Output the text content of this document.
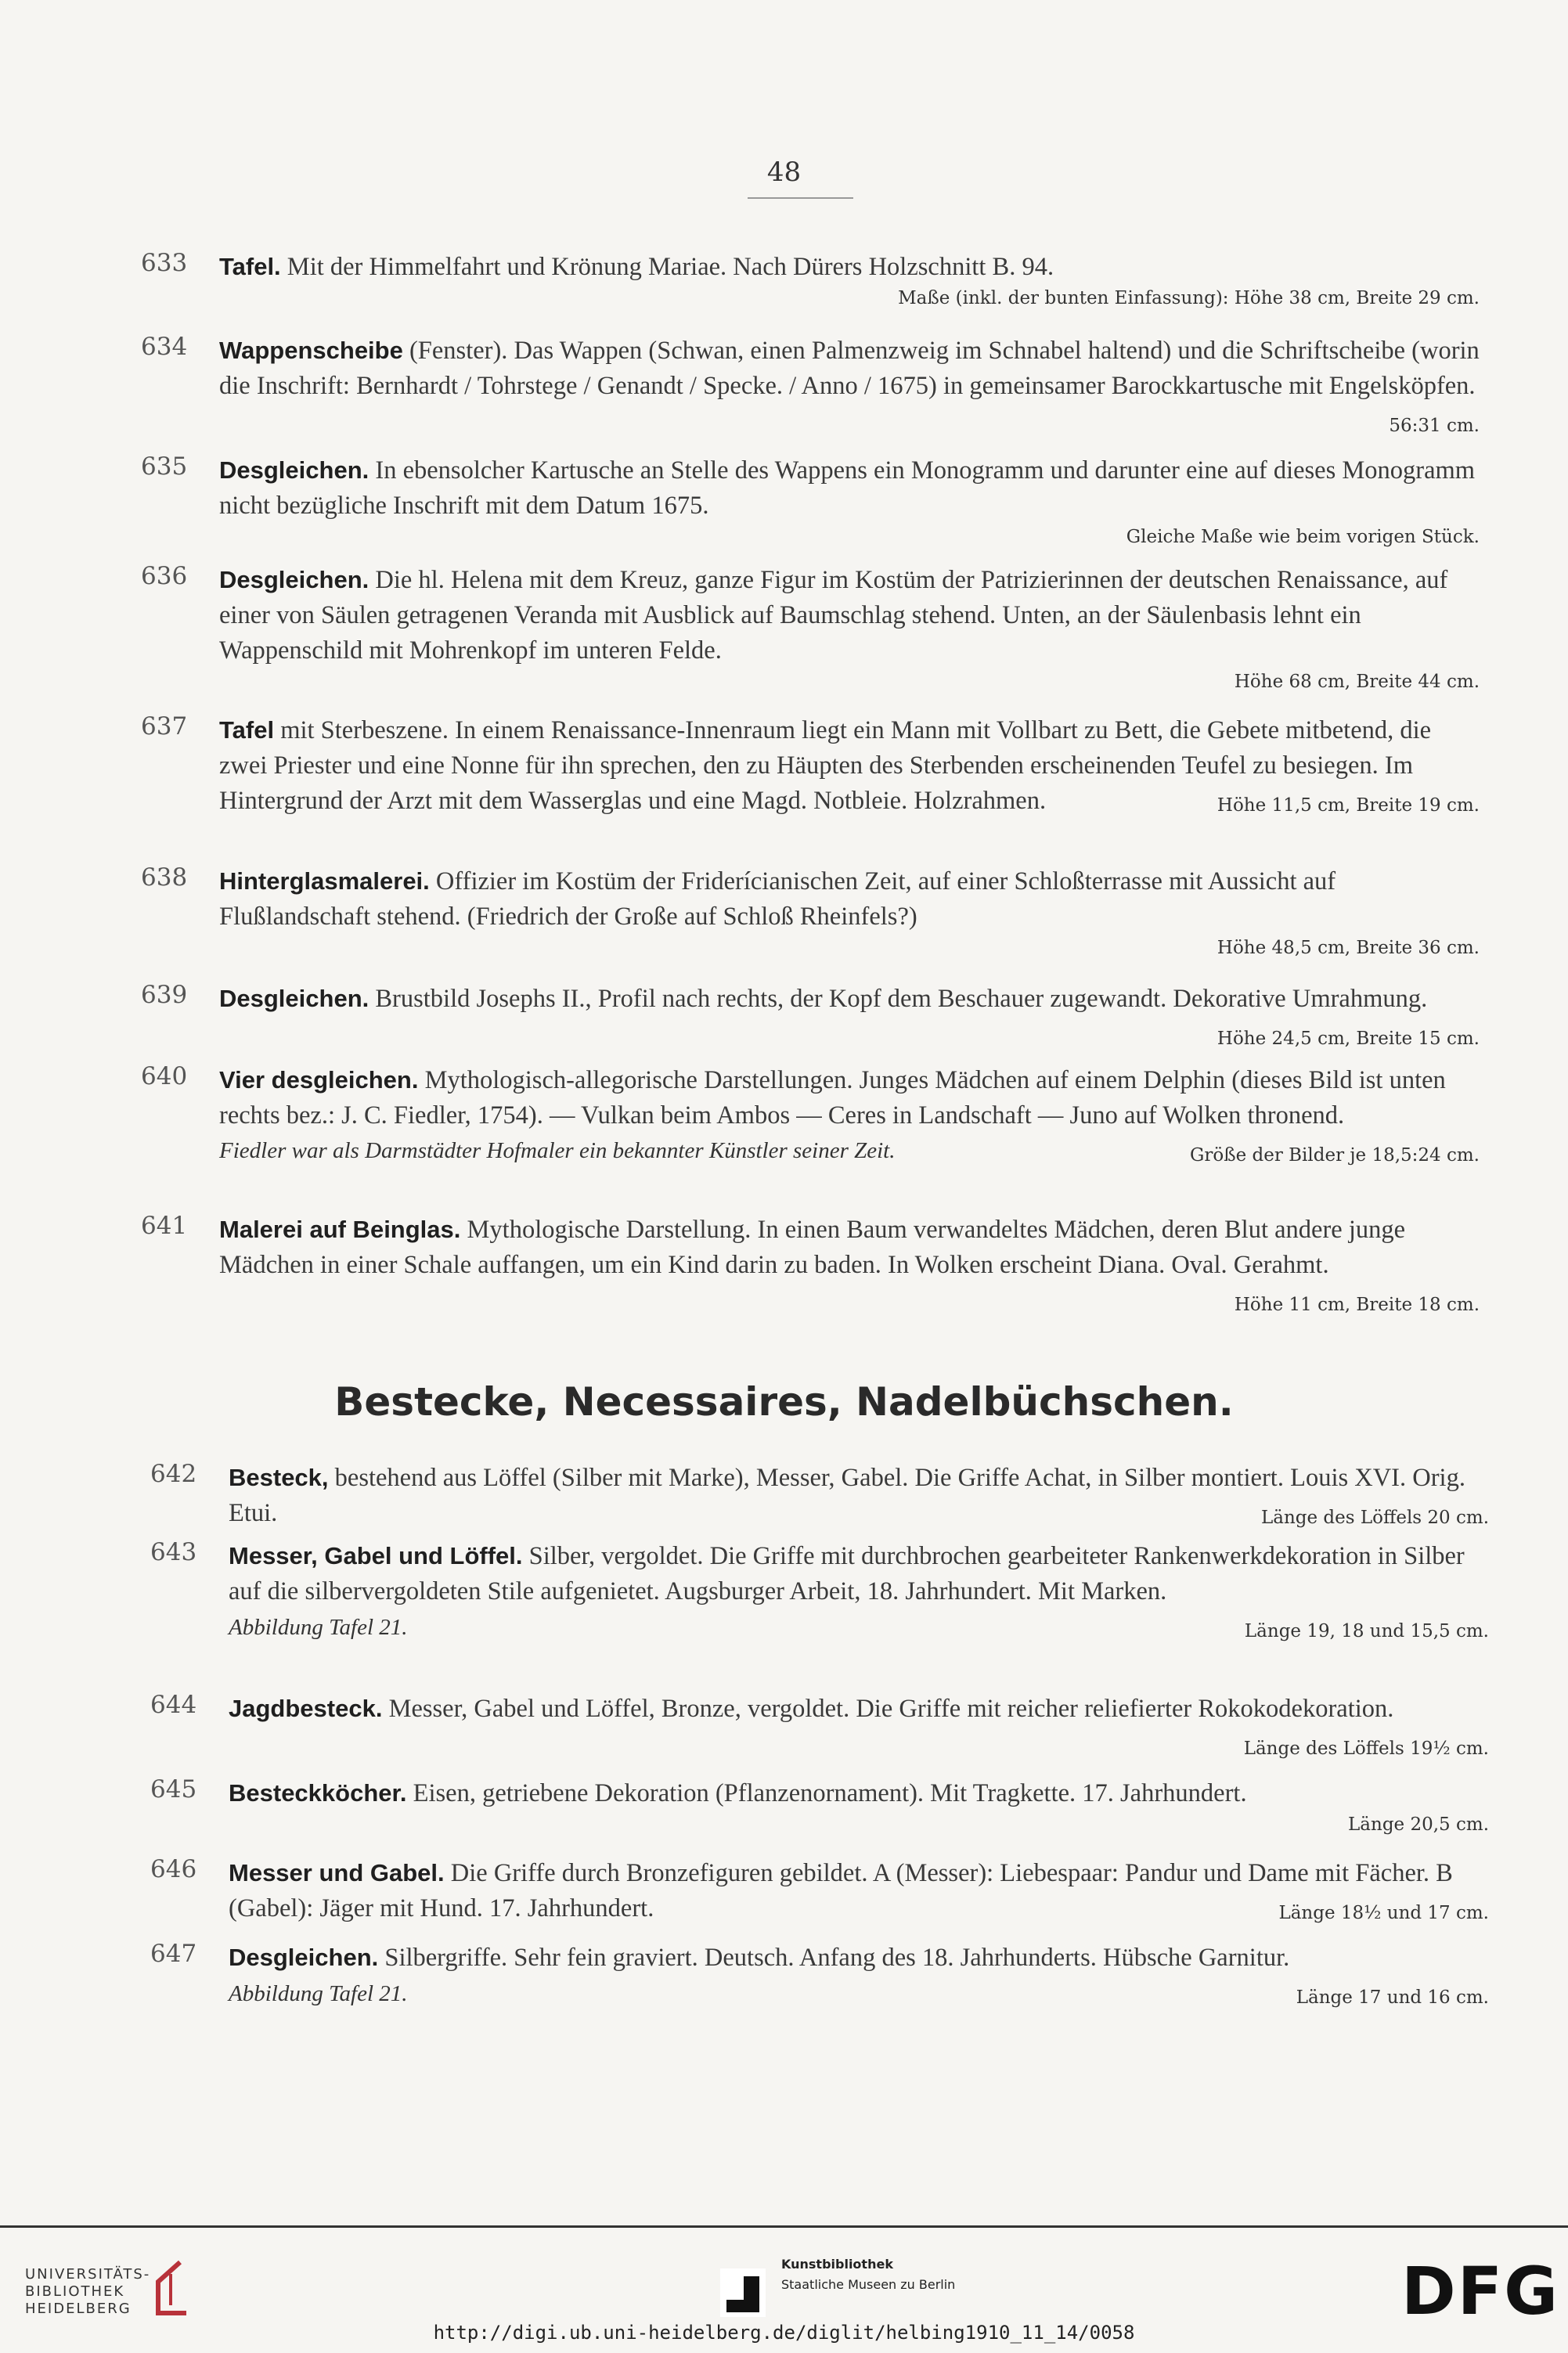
48
633	Tafel. Mit der Himmelfahrt und Krönung Mariae. Nach Dürers Holzschnitt B. 94.
Maße (inkl. der bunten Einfassung): Höhe 38 cm, Breite 29 cm.
634	Wappenscheibe (Fenster). Das Wappen (Schwan, einen Palmenzweig im Schnabel haltend) und die Schriftscheibe (worin die Inschrift: Bernhardt / Tohrstege / Genandt / Specke. / Anno / 1675) in gemeinsamer Barockkartusche mit Engelsköpfen.
56:31 cm.
635	Desgleichen. In ebensolcher Kartusche an Stelle des Wappens ein Monogramm und darunter eine auf dieses Monogramm nicht bezügliche Inschrift mit dem Datum 1675.
Gleiche Maße wie beim vorigen Stück.
636	Desgleichen. Die hl. Helena mit dem Kreuz, ganze Figur im Kostüm der Patrizierinnen der deutschen Renaissance, auf einer von Säulen getragenen Veranda mit Ausblick auf Baumschlag stehend. Unten, an der Säulenbasis lehnt ein Wappenschild mit Mohrenkopf im unteren Felde.
Höhe 68 cm, Breite 44 cm.
637	Tafel mit Sterbeszene. In einem Renaissance-Innenraum liegt ein Mann mit Vollbart zu Bett, die Gebete mitbetend, die zwei Priester und eine Nonne für ihn sprechen, den zu Häupten des Sterbenden erscheinenden Teufel zu besiegen. Im Hintergrund der Arzt mit dem Wasserglas und eine Magd. Notbleie. Holzrahmen.	Höhe 11,5 cm, Breite 19 cm.
638	Hinterglasmalerei. Offizier im Kostüm der Friderícianischen Zeit, auf einer Schloßterrasse mit Aussicht auf Flußlandschaft stehend. (Friedrich der Große auf Schloß Rheinfels?)
Höhe 48,5 cm, Breite 36 cm.
639	Desgleichen. Brustbild Josephs II., Profil nach rechts, der Kopf dem Beschauer zugewandt. Dekorative Umrahmung.
Höhe 24,5 cm, Breite 15 cm.
640	Vier desgleichen. Mythologisch-allegorische Darstellungen. Junges Mädchen auf einem Delphin (dieses Bild ist unten rechts bez.: J. C. Fiedler, 1754). — Vulkan beim Ambos — Ceres in Landschaft — Juno auf Wolken thronend.
Größe der Bilder je 18,5:24 cm.
Fiedler war als Darmstädter Hofmaler ein bekannter Künstler seiner Zeit.
641	Malerei auf Beinglas. Mythologische Darstellung. In einen Baum verwandeltes Mädchen, deren Blut andere junge Mädchen in einer Schale auffangen, um ein Kind darin zu baden. In Wolken erscheint Diana. Oval. Gerahmt.
Höhe 11 cm, Breite 18 cm.
Bestecke, Necessaires, Nadelbüchschen.
642	Besteck, bestehend aus Löffel (Silber mit Marke), Messer, Gabel. Die Griffe Achat, in Silber montiert. Louis XVI. Orig. Etui.	Länge des Löffels 20 cm.
643	Messer, Gabel und Löffel. Silber, vergoldet. Die Griffe mit durchbrochen gearbeiteter Rankenwerkdekoration in Silber auf die silbervergoldeten Stile aufgenietet. Augsburger Arbeit, 18. Jahrhundert. Mit Marken.
Abbildung Tafel 21.	Länge 19, 18 und 15,5 cm.
644	Jagdbesteck. Messer, Gabel und Löffel, Bronze, vergoldet. Die Griffe mit reicher reliefierter Rokokodekoration.
Länge des Löffels 19½ cm.
645	Besteckköcher. Eisen, getriebene Dekoration (Pflanzenornament). Mit Tragkette. 17. Jahrhundert.
Länge 20,5 cm.
646	Messer und Gabel. Die Griffe durch Bronzefiguren gebildet. A (Messer): Liebespaar: Pandur und Dame mit Fächer. B (Gabel): Jäger mit Hund. 17. Jahrhundert.	Länge 18½ und 17 cm.
647	Desgleichen. Silbergriffe. Sehr fein graviert. Deutsch. Anfang des 18. Jahrhunderts. Hübsche Garnitur.
Abbildung Tafel 21.	Länge 17 und 16 cm.
UNIVERSITÄTS-
BIBLIOTHEK
HEIDELBERG
Kunstbibliothek
Staatliche Museen zu Berlin	DFG
http://digi.ub.uni-heidelberg.de/diglit/helbing1910_11_14/0058
